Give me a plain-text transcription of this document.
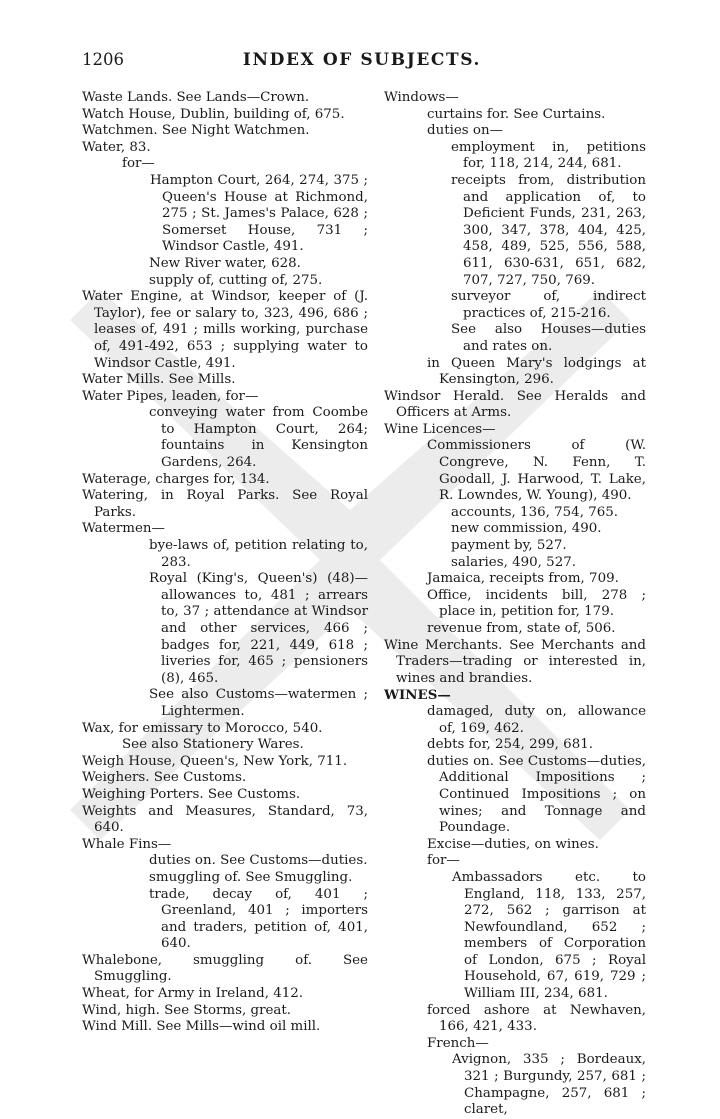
1206	INDEX OF SUBJECTS.

Waste Lands. See Lands—Crown.

Watch House, Dublin, building of, 675.

Watchmen. See Night Watchmen.

Water, 83.

for—

Hampton Court, 264, 274, 375 ; Queen's House at Richmond, 275 ; St. James's Palace, 628 ; Somerset House, 731 ; Windsor Castle, 491.

New River water, 628.

supply of, cutting of, 275.

Water Engine, at Windsor, keeper of (J. Taylor), fee or salary to, 323, 496, 686 ; leases of, 491 ; mills working, purchase of, 491-492, 653 ; supplying water to Windsor Castle, 491.

Water Mills. See Mills.

Water Pipes, leaden, for—

conveying water from Coombe to Hampton Court, 264; fountains in Kensington Gardens, 264.

Waterage, charges for, 134.

Watering, in Royal Parks. See Royal Parks.

Watermen—

bye-laws of, petition relating to, 283.

Royal (King's, Queen's) (48)—allowances to, 481 ; arrears to, 37 ; attendance at Windsor and other services, 466 ; badges for, 221, 449, 618 ; liveries for, 465 ; pensioners (8), 465.

See also Customs—watermen ; Lightermen.

Wax, for emissary to Morocco, 540.

See also Stationery Wares.

Weigh House, Queen's, New York, 711.

Weighers. See Customs.

Weighing Porters. See Customs.

Weights and Measures, Standard, 73, 640.

Whale Fins—

duties on. See Customs—duties.

smuggling of. See Smuggling.

trade, decay of, 401 ; Greenland, 401 ; importers and traders, petition of, 401, 640.

Whalebone, smuggling of. See Smuggling.

Wheat, for Army in Ireland, 412.

Wind, high. See Storms, great.

Wind Mill. See Mills—wind oil mill.

Windows—

curtains for. See Curtains.

duties on—

employment in, petitions for, 118, 214, 244, 681.

receipts from, distribution and application of, to Deficient Funds, 231, 263, 300, 347, 378, 404, 425, 458, 489, 525, 556, 588, 611, 630-631, 651, 682, 707, 727, 750, 769.

surveyor of, indirect practices of, 215-216.

See also Houses—duties and rates on.

in Queen Mary's lodgings at Kensington, 296.

Windsor Herald. See Heralds and Officers at Arms.

Wine Licences—

Commissioners of (W. Congreve, N. Fenn, T. Goodall, J. Harwood, T. Lake, R. Lowndes, W. Young), 490.

accounts, 136, 754, 765.

new commission, 490.

payment by, 527.

salaries, 490, 527.

Jamaica, receipts from, 709.

Office, incidents bill, 278 ; place in, petition for, 179.

revenue from, state of, 506.

Wine Merchants. See Merchants and Traders—trading or interested in, wines and brandies.

WINES—

damaged, duty on, allowance of, 169, 462.

debts for, 254, 299, 681.

duties on. See Customs—duties, Additional Impositions ; Continued Impositions ; on wines; and Tonnage and Poundage.

Excise—duties, on wines.

for—

Ambassadors etc. to England, 118, 133, 257, 272, 562 ; garrison at Newfoundland, 652 ; members of Corporation of London, 675 ; Royal Household, 67, 619, 729 ; William III, 234, 681.

forced ashore at Newhaven, 166, 421, 433.

French—

Avignon, 335 ; Bordeaux, 321 ; Burgundy, 257, 681 ; Champagne, 257, 681 ; claret,
